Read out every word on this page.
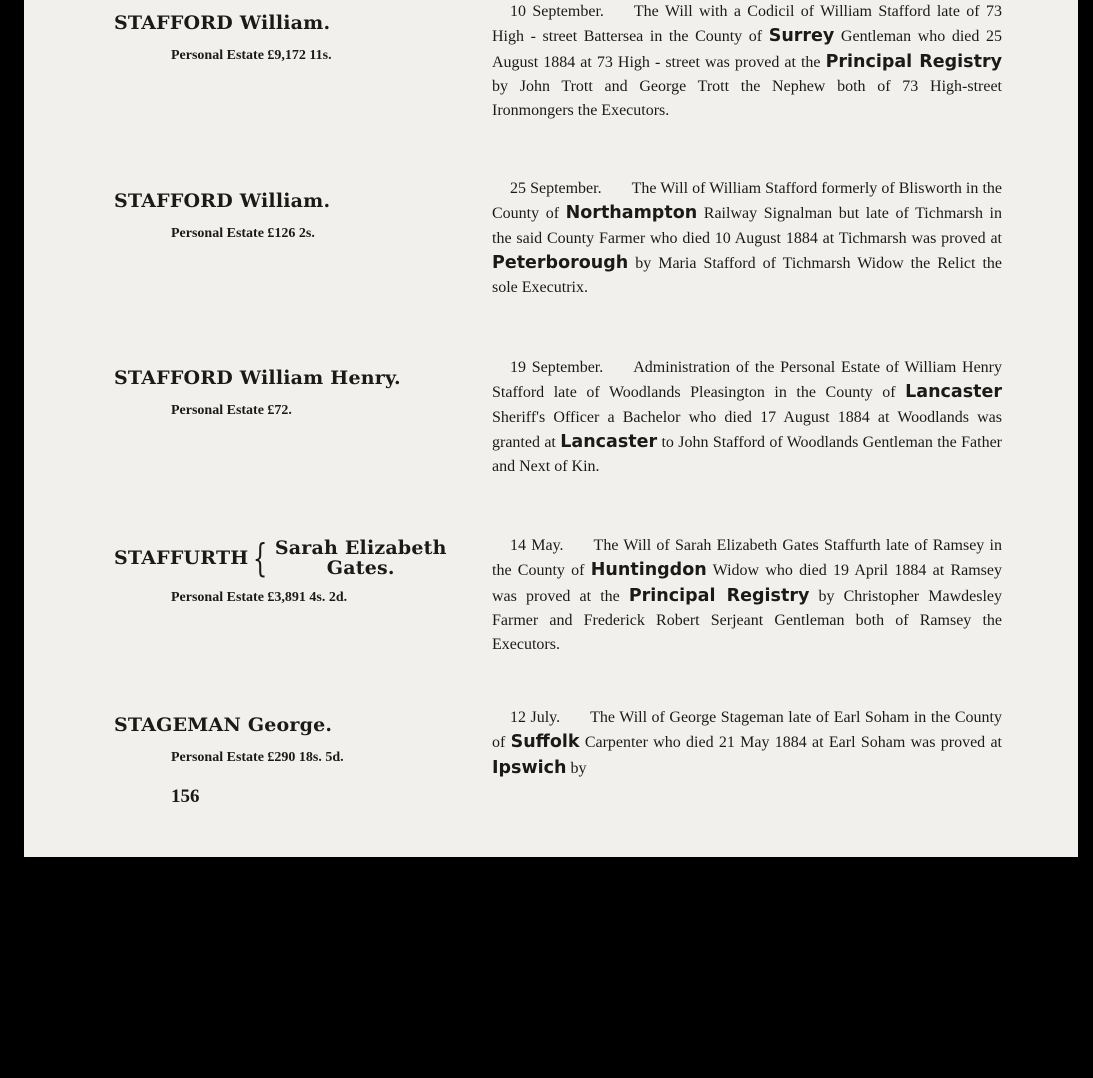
STAFFORD William.
Personal Estate £9,172 11s.

10 September. The Will with a Codicil of William Stafford late of 73 High - street Battersea in the County of Surrey Gentleman who died 25 August 1884 at 73 High - street was proved at the Principal Registry by John Trott and George Trott the Nephew both of 73 High-street Ironmongers the Executors.

STAFFORD William.
Personal Estate £126 2s.

25 September. The Will of William Stafford formerly of Blisworth in the County of Northampton Railway Signalman but late of Tichmarsh in the said County Farmer who died 10 August 1884 at Tichmarsh was proved at Peterborough by Maria Stafford of Tichmarsh Widow the Relict the sole Executrix.

STAFFORD William Henry.
Personal Estate £72.

19 September. Administration of the Personal Estate of William Henry Stafford late of Woodlands Pleasington in the County of Lancaster Sheriff's Officer a Bachelor who died 17 August 1884 at Woodlands was granted at Lancaster to John Stafford of Woodlands Gentleman the Father and Next of Kin.

STAFFURTH { Sarah Elizabeth
Gates.
Personal Estate £3,891 4s. 2d.

14 May. The Will of Sarah Elizabeth Gates Staffurth late of Ramsey in the County of Huntingdon Widow who died 19 April 1884 at Ramsey was proved at the Principal Registry by Christopher Mawdesley Farmer and Frederick Robert Serjeant Gentleman both of Ramsey the Executors.

STAGEMAN George.
Personal Estate £290 18s. 5d.

12 July. The Will of George Stageman late of Earl Soham in the County of Suffolk Carpenter who died 21 May 1884 at Earl Soham was proved at Ipswich by

156
